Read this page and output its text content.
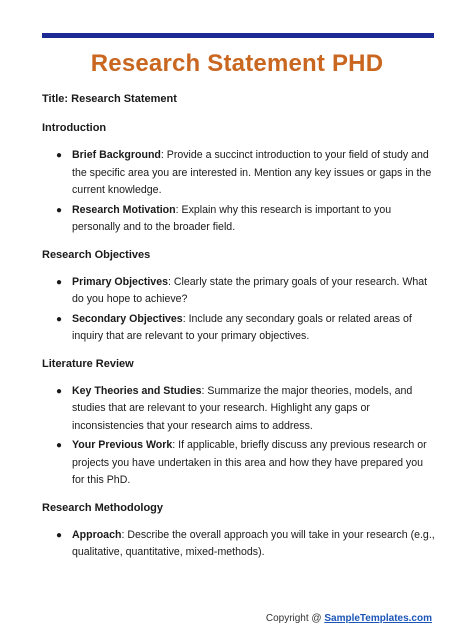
Research Statement PHD
Title: Research Statement
Introduction
● Brief Background: Provide a succinct introduction to your field of study and the specific area you are interested in. Mention any key issues or gaps in the current knowledge.
● Research Motivation: Explain why this research is important to you personally and to the broader field.
Research Objectives
● Primary Objectives: Clearly state the primary goals of your research. What do you hope to achieve?
● Secondary Objectives: Include any secondary goals or related areas of inquiry that are relevant to your primary objectives.
Literature Review
● Key Theories and Studies: Summarize the major theories, models, and studies that are relevant to your research. Highlight any gaps or inconsistencies that your research aims to address.
● Your Previous Work: If applicable, briefly discuss any previous research or projects you have undertaken in this area and how they have prepared you for this PhD.
Research Methodology
● Approach: Describe the overall approach you will take in your research (e.g., qualitative, quantitative, mixed-methods).
Copyright @ SampleTemplates.com
